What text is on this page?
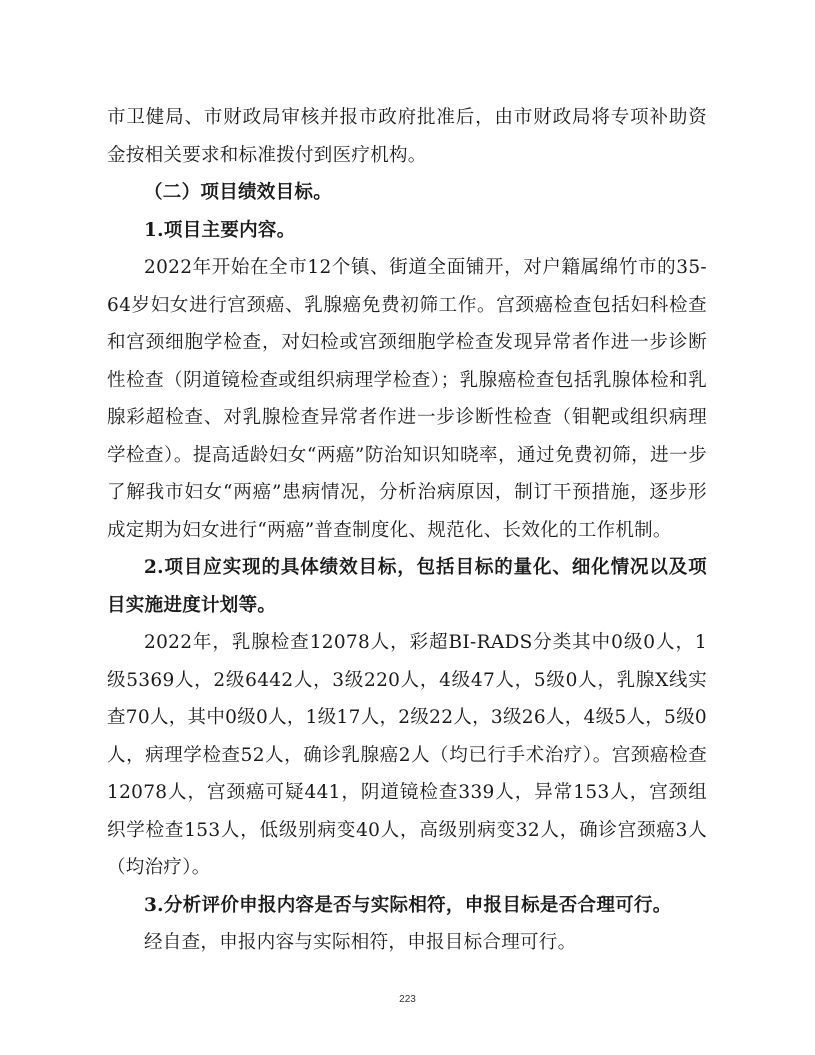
市卫健局、市财政局审核并报市政府批准后，由市财政局将专项补助资金按相关要求和标准拨付到医疗机构。

（二）项目绩效目标。

1.项目主要内容。

2022年开始在全市12个镇、街道全面铺开，对户籍属绵竹市的35-64岁妇女进行宫颈癌、乳腺癌免费初筛工作。宫颈癌检查包括妇科检查和宫颈细胞学检查，对妇检或宫颈细胞学检查发现异常者作进一步诊断性检查（阴道镜检查或组织病理学检查）；乳腺癌检查包括乳腺体检和乳腺彩超检查、对乳腺检查异常者作进一步诊断性检查（钼靶或组织病理学检查）。提高适龄妇女“两癌”防治知识知晓率，通过免费初筛，进一步了解我市妇女“两癌”患病情况，分析治病原因，制订干预措施，逐步形成定期为妇女进行“两癌”普查制度化、规范化、长效化的工作机制。

2.项目应实现的具体绩效目标，包括目标的量化、细化情况以及项目实施进度计划等。

2022年，乳腺检查12078人，彩超BI-RADS分类其中0级0人，1级5369人，2级6442人，3级220人，4级47人，5级0人，乳腺X线实查70人，其中0级0人，1级17人，2级22人，3级26人，4级5人，5级0人，病理学检查52人，确诊乳腺癌2人（均已行手术治疗）。宫颈癌检查12078人，宫颈癌可疑441，阴道镜检查339人，异常153人，宫颈组织学检查153人，低级别病变40人，高级别病变32人，确诊宫颈癌3人（均治疗）。

3.分析评价申报内容是否与实际相符，申报目标是否合理可行。

经自查，申报内容与实际相符，申报目标合理可行。

223
